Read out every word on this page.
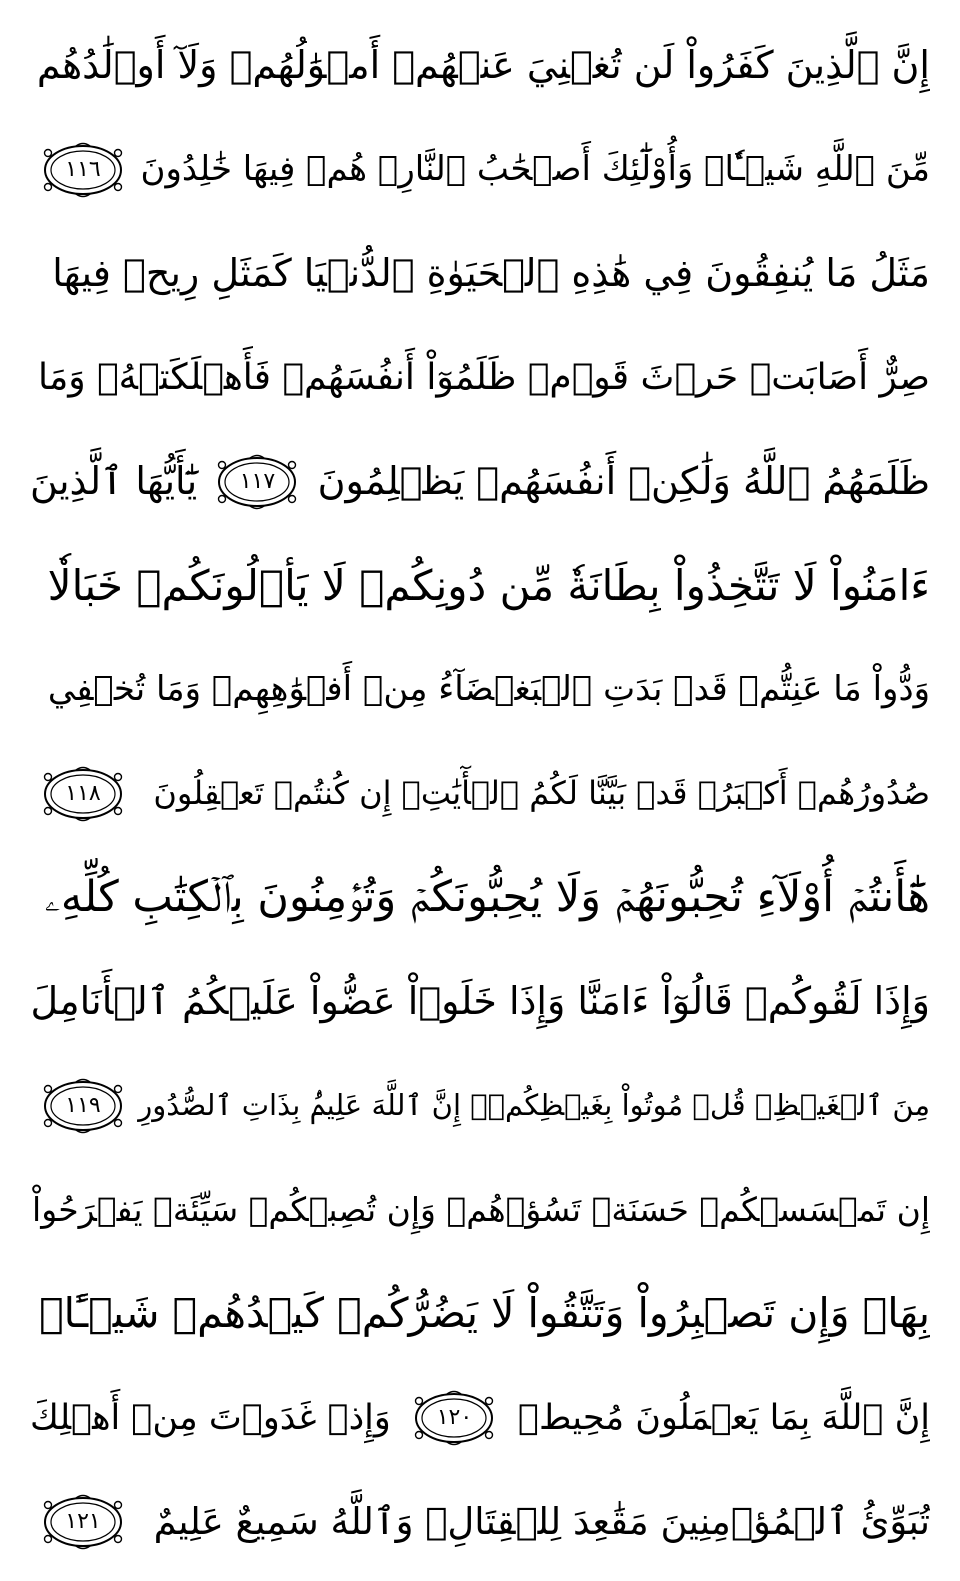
إِنَّ ٱلَّذِينَ كَفَرُواْ لَن تُغۡنِيَ عَنۡهُمۡ أَمۡوَٰلُهُمۡ وَلَآ أَوۡلَٰدُهُم
مِّنَ ٱللَّهِ شَيۡـٔٗاۖ وَأُوْلَٰٓئِكَ أَصۡحَٰبُ ٱلنَّارِۚ هُمۡ فِيهَا خَٰلِدُونَ
١١٦
مَثَلُ مَا يُنفِقُونَ فِي هَٰذِهِ ٱلۡحَيَوٰةِ ٱلدُّنۡيَا كَمَثَلِ رِيحٖ فِيهَا
صِرٌّ أَصَابَتۡ حَرۡثَ قَوۡمٖ ظَلَمُوٓاْ أَنفُسَهُمۡ فَأَهۡلَكَتۡهُۚ وَمَا
ظَلَمَهُمُ ٱللَّهُ وَلَٰكِنۡ أَنفُسَهُمۡ يَظۡلِمُونَ
١١٧
يَٰٓأَيُّهَا ٱلَّذِينَ
ءَامَنُواْ لَا تَتَّخِذُواْ بِطَانَةٗ مِّن دُونِكُمۡ لَا يَأۡلُونَكُمۡ خَبَالٗا
وَدُّواْ مَا عَنِتُّمۡ قَدۡ بَدَتِ ٱلۡبَغۡضَآءُ مِنۡ أَفۡوَٰهِهِمۡ وَمَا تُخۡفِي
صُدُورُهُمۡ أَكۡبَرُۚ قَدۡ بَيَّنَّا لَكُمُ ٱلۡأٓيَٰتِۖ إِن كُنتُمۡ تَعۡقِلُونَ
١١٨
هَٰٓأَنتُمۡ أُوْلَآءِ تُحِبُّونَهُمۡ وَلَا يُحِبُّونَكُمۡ وَتُؤۡمِنُونَ بِٱلۡكِتَٰبِ كُلِّهِۦ
وَإِذَا لَقُوكُمۡ قَالُوٓاْ ءَامَنَّا وَإِذَا خَلَوۡاْ عَضُّواْ عَلَيۡكُمُ ٱلۡأَنَامِلَ
مِنَ ٱلۡغَيۡظِۚ قُلۡ مُوتُواْ بِغَيۡظِكُمۡۗ إِنَّ ٱللَّهَ عَلِيمُۢ بِذَاتِ ٱلصُّدُورِ
١١٩
إِن تَمۡسَسۡكُمۡ حَسَنَةٞ تَسُؤۡهُمۡ وَإِن تُصِبۡكُمۡ سَيِّئَةٞ يَفۡرَحُواْ
بِهَاۖ وَإِن تَصۡبِرُواْ وَتَتَّقُواْ لَا يَضُرُّكُمۡ كَيۡدُهُمۡ شَيۡـًٔاۗ
إِنَّ ٱللَّهَ بِمَا يَعۡمَلُونَ مُحِيطٞ
١٢٠
وَإِذۡ غَدَوۡتَ مِنۡ أَهۡلِكَ
تُبَوِّئُ ٱلۡمُؤۡمِنِينَ مَقَٰعِدَ لِلۡقِتَالِۗ وَٱللَّهُ سَمِيعٌ عَلِيمٌ
١٢١
